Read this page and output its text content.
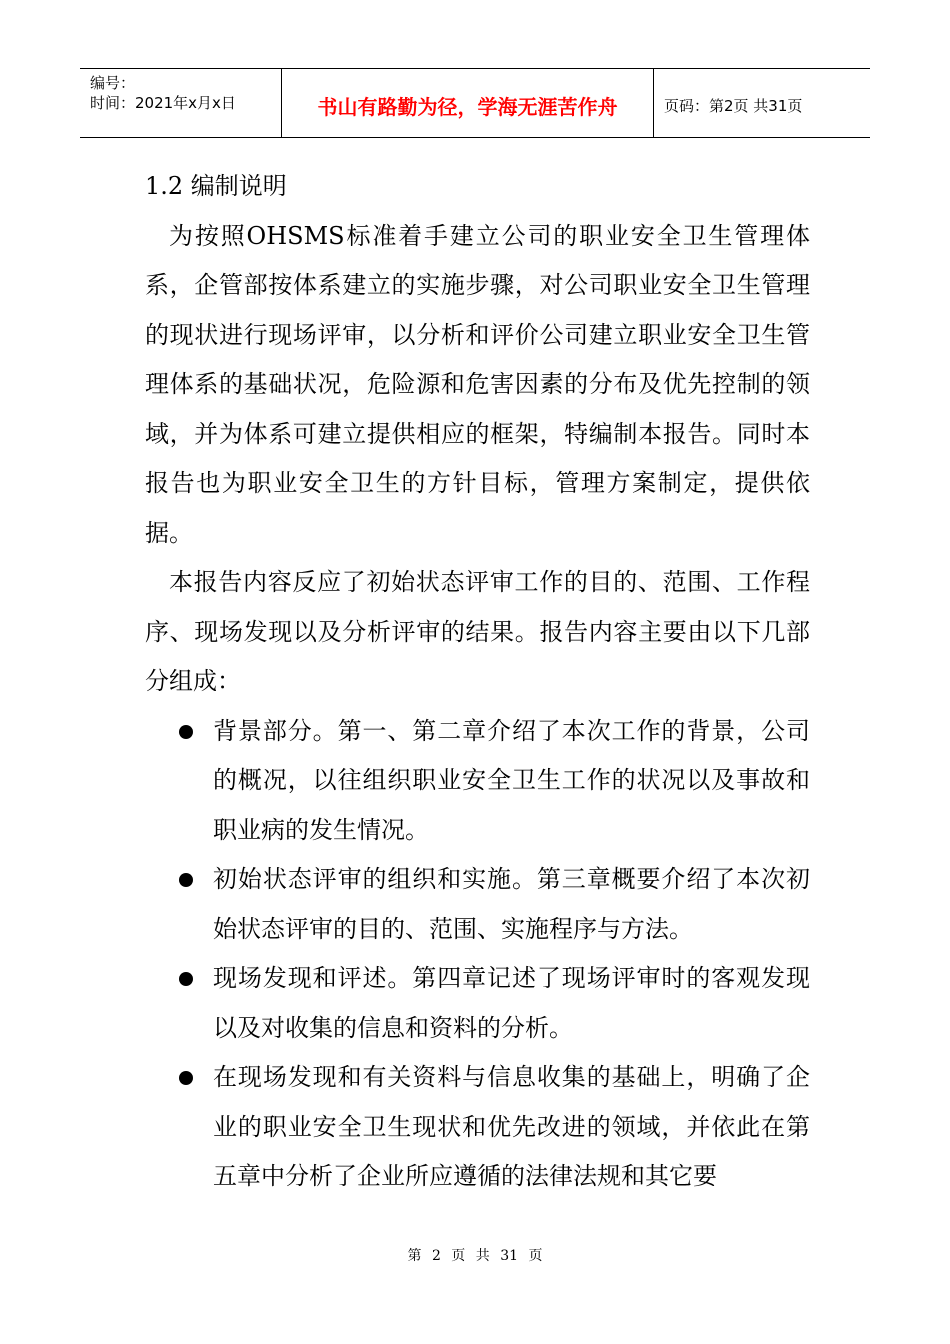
编号：
时间：2021年x月x日	书山有路勤为径，学海无涯苦作舟	页码：第2页 共31页
1.2 编制说明

为按照OHSMS标准着手建立公司的职业安全卫生管理体系，企管部按体系建立的实施步骤，对公司职业安全卫生管理的现状进行现场评审，以分析和评价公司建立职业安全卫生管理体系的基础状况，危险源和危害因素的分布及优先控制的领域，并为体系可建立提供相应的框架，特编制本报告。同时本报告也为职业安全卫生的方针目标，管理方案制定，提供依据。

本报告内容反应了初始状态评审工作的目的、范围、工作程序、现场发现以及分析评审的结果。报告内容主要由以下几部分组成：

背景部分。第一、第二章介绍了本次工作的背景，公司的概况，以往组织职业安全卫生工作的状况以及事故和职业病的发生情况。
初始状态评审的组织和实施。第三章概要介绍了本次初始状态评审的目的、范围、实施程序与方法。
现场发现和评述。第四章记述了现场评审时的客观发现以及对收集的信息和资料的分析。
在现场发现和有关资料与信息收集的基础上，明确了企业的职业安全卫生现状和优先改进的领域，并依此在第五章中分析了企业所应遵循的法律法规和其它要
第 2 页 共 31 页
